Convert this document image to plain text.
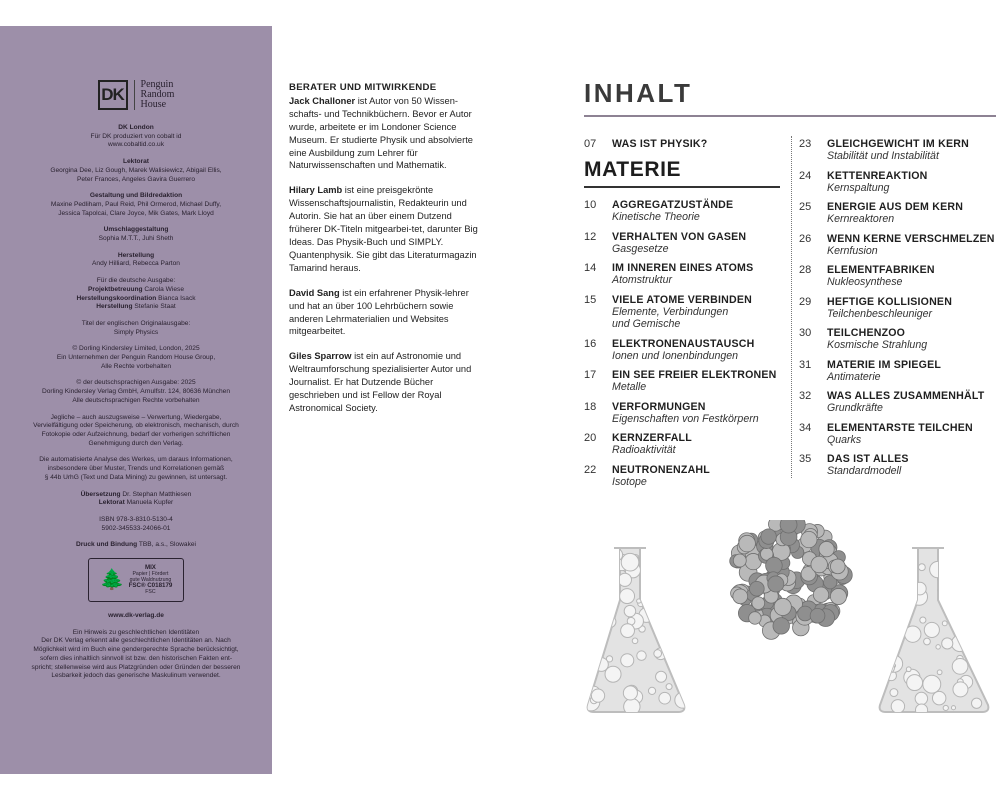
DK
Penguin
Random
House
DK London
Für DK produziert von cobalt id
www.cobaltid.co.uk
Lektorat
Georgina Dee, Liz Gough, Marek Walisiewicz, Abigail Ellis,
Peter Frances, Angeles Gavira Guerrero
Gestaltung und Bildredaktion
Maxine Pedliham, Paul Reid, Phil Ormerod, Michael Duffy,
Jessica Tapolcai, Clare Joyce, Mik Gates, Mark Lloyd
Umschlaggestaltung
Sophia M.T.T., Juhi Sheth
Herstellung
Andy Hilliard, Rebecca Parton
Für die deutsche Ausgabe:
Projektbetreuung Carola Wiese
Herstellungskoordination Bianca Isack
Herstellung Stefanie Staat
Titel der englischen Originalausgabe:
Simply Physics
© Dorling Kindersley Limited, London, 2025
Ein Unternehmen der Penguin Random House Group,
Alle Rechte vorbehalten
© der deutschsprachigen Ausgabe: 2025
Dorling Kindersley Verlag GmbH, Arnulfstr. 124, 80636 München
Alle deutschsprachigen Rechte vorbehalten
Jegliche – auch auszugsweise – Verwertung, Wiedergabe,
Vervielfältigung oder Speicherung, ob elektronisch, mechanisch, durch
Fotokopie oder Aufzeichnung, bedarf der vorherigen schriftlichen
Genehmigung durch den Verlag.
Die automatisierte Analyse des Werkes, um daraus Informationen,
insbesondere über Muster, Trends und Korrelationen gemäß
§ 44b UrhG (Text und Data Mining) zu gewinnen, ist untersagt.
Übersetzung Dr. Stephan Matthiesen
Lektorat Manuela Kupfer
ISBN 978-3-8310-5130-4
5902-345533-24066-01
Druck und Bindung TBB, a.s., Slowakei
🌲
MIX
Papier | Fördert
gute Waldnutzung
FSC® C018179
FSC
www.dk-verlag.de
Ein Hinweis zu geschlechtlichen Identitäten
Der DK Verlag erkennt alle geschlechtlichen Identitäten an. Nach
Möglichkeit wird im Buch eine gendergerechte Sprache berücksichtigt,
sofern dies inhaltlich sinnvoll ist bzw. den historischen Fakten ent-
spricht; stellenweise wird aus Platzgründen oder Gründen der besseren
Lesbarkeit jedoch das generische Maskulinum verwendet.
BERATER UND MITWIRKENDE

Jack Challoner ist Autor von 50 Wissen-schafts- und Technikbüchern. Bevor er Autor wurde, arbeitete er im Londoner Science Museum. Er studierte Physik und absolvierte eine Ausbildung zum Lehrer für Naturwissenschaften und Mathematik.

Hilary Lamb ist eine preisgekrönte Wissenschaftsjournalistin, Redakteurin und Autorin. Sie hat an über einem Dutzend früherer DK-Titeln mitgearbei-tet, darunter Big Ideas. Das Physik-Buch und SIMPLY. Quantenphysik. Sie gibt das Literaturmagazin Tamarind heraus.

David Sang ist ein erfahrener Physik-lehrer und hat an über 100 Lehrbüchern sowie anderen Lehrmaterialien und Websites mitgearbeitet.

Giles Sparrow ist ein auf Astronomie und Weltraumforschung spezialisierter Autor und Journalist. Er hat Dutzende Bücher geschrieben und ist Fellow der Royal Astronomical Society.

INHALT
07 WAS IST PHYSIK?
MATERIE
10 AGGREGATZUSTÄNDE
Kinetische Theorie
12 VERHALTEN VON GASEN
Gasgesetze
14 IM INNEREN EINES ATOMS
Atomstruktur
15 VIELE ATOME VERBINDEN
Elemente, Verbindungen
und Gemische
16 ELEKTRONENAUSTAUSCH
Ionen und Ionenbindungen
17 EIN SEE FREIER ELEKTRONEN
Metalle
18 VERFORMUNGEN
Eigenschaften von Festkörpern
20 KERNZERFALL
Radioaktivität
22 NEUTRONENZAHL
Isotope
23 GLEICHGEWICHT IM KERN
Stabilität und Instabilität
24 KETTENREAKTION
Kernspaltung
25 ENERGIE AUS DEM KERN
Kernreaktoren
26 WENN KERNE VERSCHMELZEN
Kernfusion
28 ELEMENTFABRIKEN
Nukleosynthese
29 HEFTIGE KOLLISIONEN
Teilchenbeschleuniger
30 TEILCHENZOO
Kosmische Strahlung
31 MATERIE IM SPIEGEL
Antimaterie
32 WAS ALLES ZUSAMMENHÄLT
Grundkräfte
34 ELEMENTARSTE TEILCHEN
Quarks
35 DAS IST ALLES
Standardmodell
